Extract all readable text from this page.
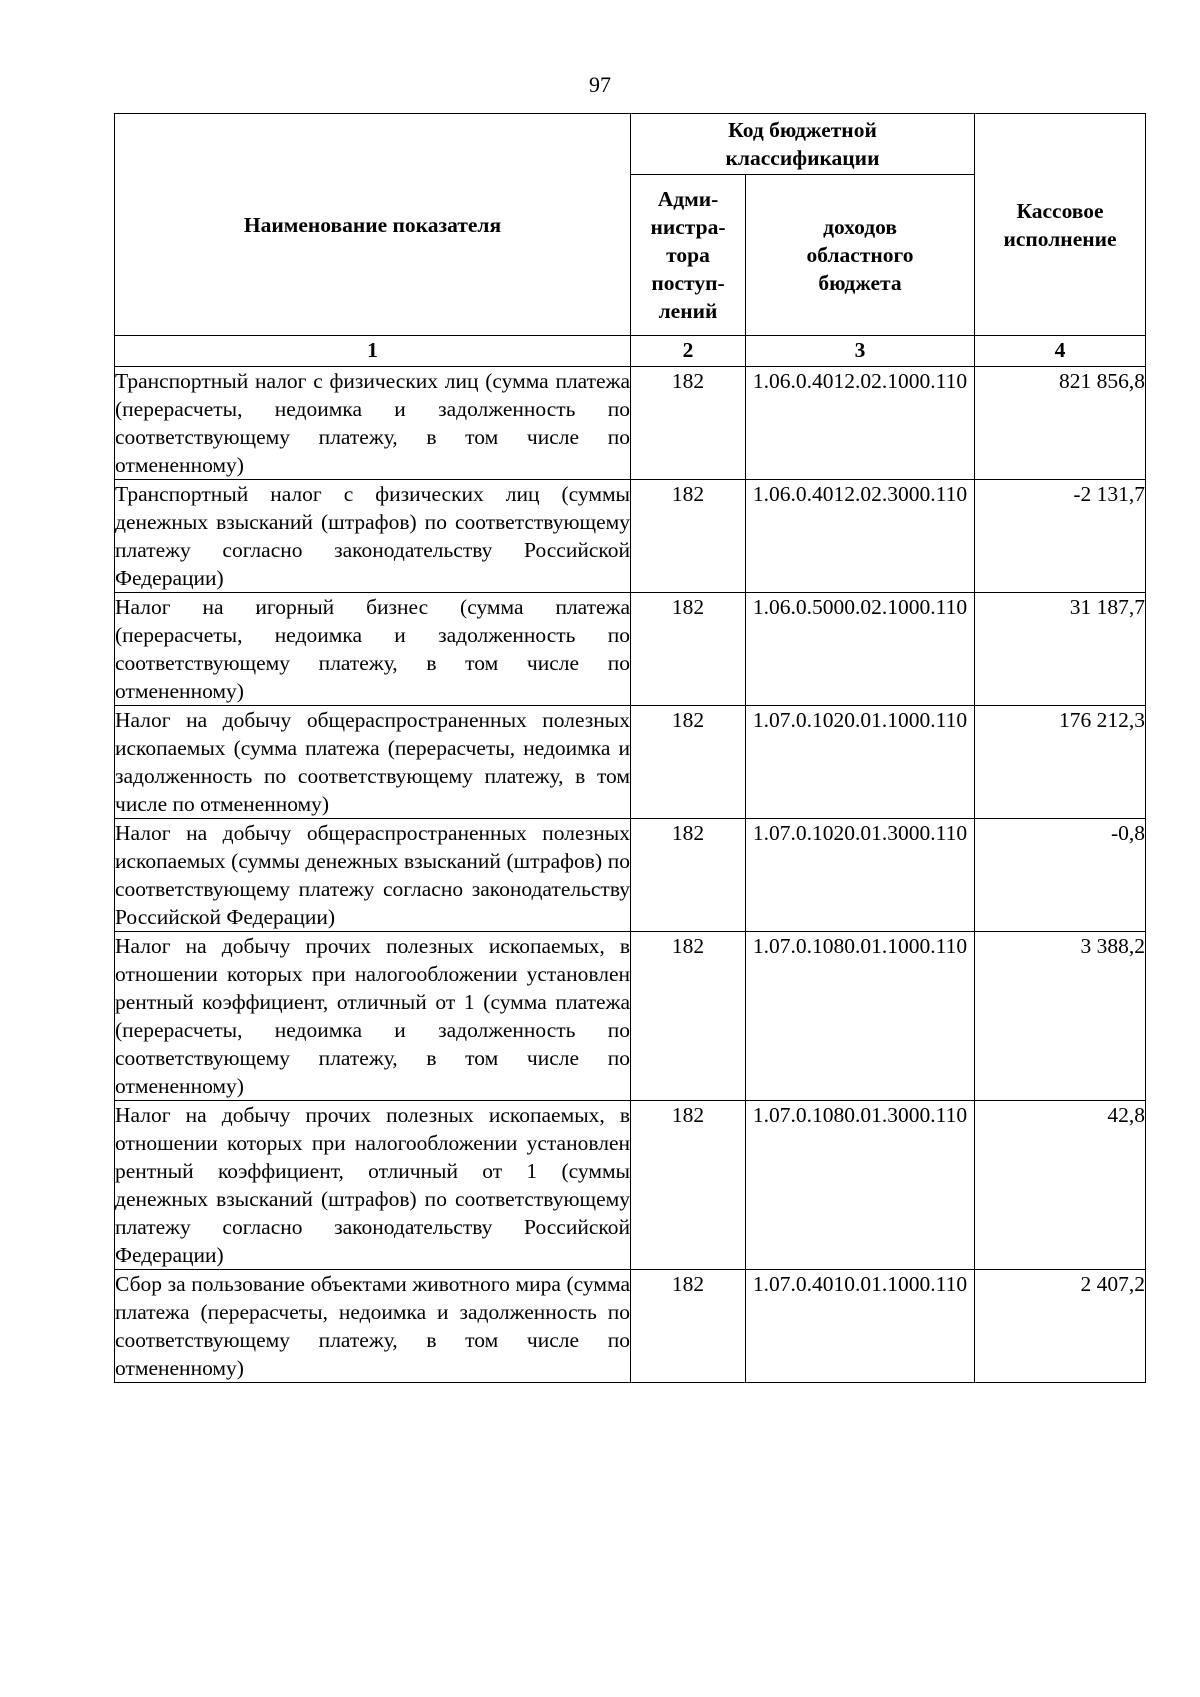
97
Наименование показателя	Код бюджетной классификации		Кассовое исполнение

	Адми-
нистра-
тора
поступ-
лений	доходов областного бюджета	
1	2	3	4
Транспортный налог с физических лиц (сумма платежа (перерасчеты, недоимка и задолженность по соответствующему платежу, в том числе по отмененному)	182	1.06.0.4012.02.1000.110	821 856,8
Транспортный налог с физических лиц (суммы денежных взысканий (штрафов) по соответствующему платежу согласно законодательству Российской Федерации)	182	1.06.0.4012.02.3000.110	-2 131,7
Налог на игорный бизнес (сумма платежа (перерасчеты, недоимка и задолженность по соответствующему платежу, в том числе по отмененному)	182	1.06.0.5000.02.1000.110	31 187,7
Налог на добычу общераспространенных полезных ископаемых (сумма платежа (перерасчеты, недоимка и задолженность по соответствующему платежу, в том числе по отмененному)	182	1.07.0.1020.01.1000.110	176 212,3
Налог на добычу общераспространенных полезных ископаемых (суммы денежных взысканий (штрафов) по соответствующему платежу согласно законодательству Российской Федерации)	182	1.07.0.1020.01.3000.110	-0,8
Налог на добычу прочих полезных ископаемых, в отношении которых при налогообложении установлен рентный коэффициент, отличный от 1 (сумма платежа (перерасчеты, недоимка и задолженность по соответствующему платежу, в том числе по отмененному)	182	1.07.0.1080.01.1000.110	3 388,2
Налог на добычу прочих полезных ископаемых, в отношении которых при налогообложении установлен рентный коэффициент, отличный от 1 (суммы денежных взысканий (штрафов) по соответствующему платежу согласно законодательству Российской Федерации)	182	1.07.0.1080.01.3000.110	42,8
Сбор за пользование объектами животного мира (сумма платежа (перерасчеты, недоимка и задолженность по соответствующему платежу, в том числе по отмененному)	182	1.07.0.4010.01.1000.110	2 407,2
